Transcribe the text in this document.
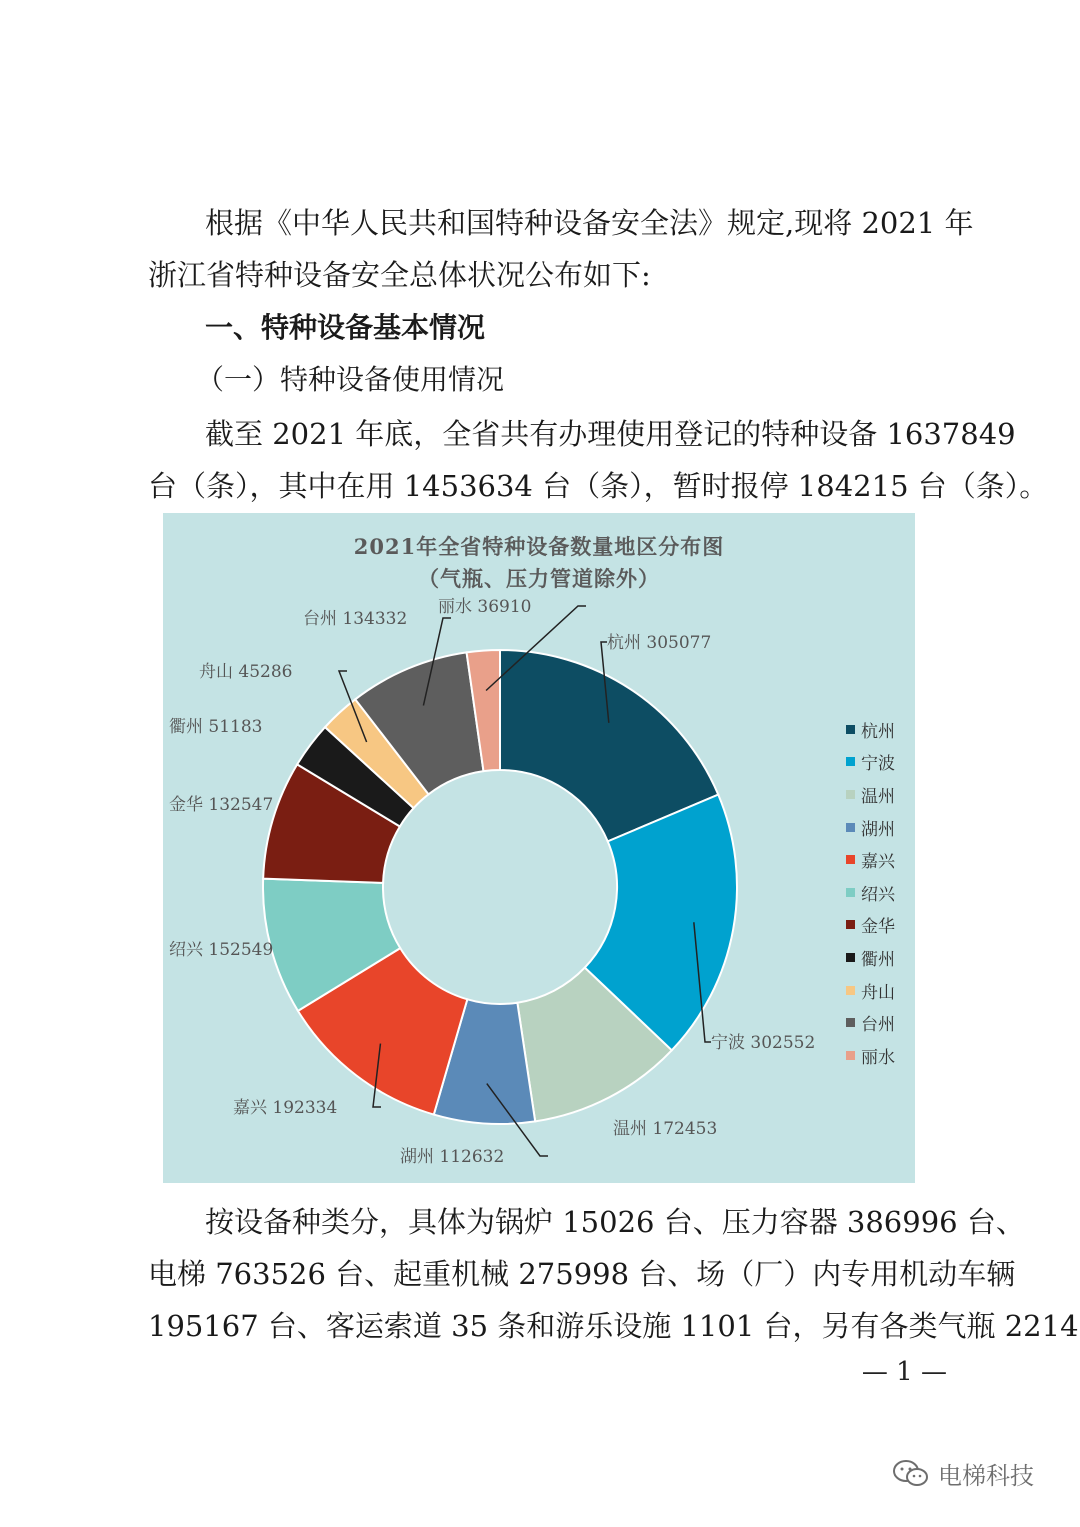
根据《中华人民共和国特种设备安全法》规定,现将 2021 年
浙江省特种设备安全总体状况公布如下:

一、特种设备基本情况

（一）特种设备使用情况

截至 2021 年底，全省共有办理使用登记的特种设备 1637849
台（条），其中在用 1453634 台（条），暂时报停 184215 台（条）。

2021年全省特种设备数量地区分布图
（气瓶、压力管道除外）
杭州 305077
宁波 302552
温州 172453
湖州 112632
嘉兴 192334
绍兴 152549
金华 132547
衢州 51183
舟山 45286
台州 134332
丽水 36910
杭州
宁波
温州
湖州
嘉兴
绍兴
金华
衢州
舟山
台州
丽水

按设备种类分，具体为锅炉 15026 台、压力容器 386996 台、
电梯 763526 台、起重机械 275998 台、场（厂）内专用机动车辆
195167 台、客运索道 35 条和游乐设施 1101 台，另有各类气瓶 2214

— 1 —
电梯科技
